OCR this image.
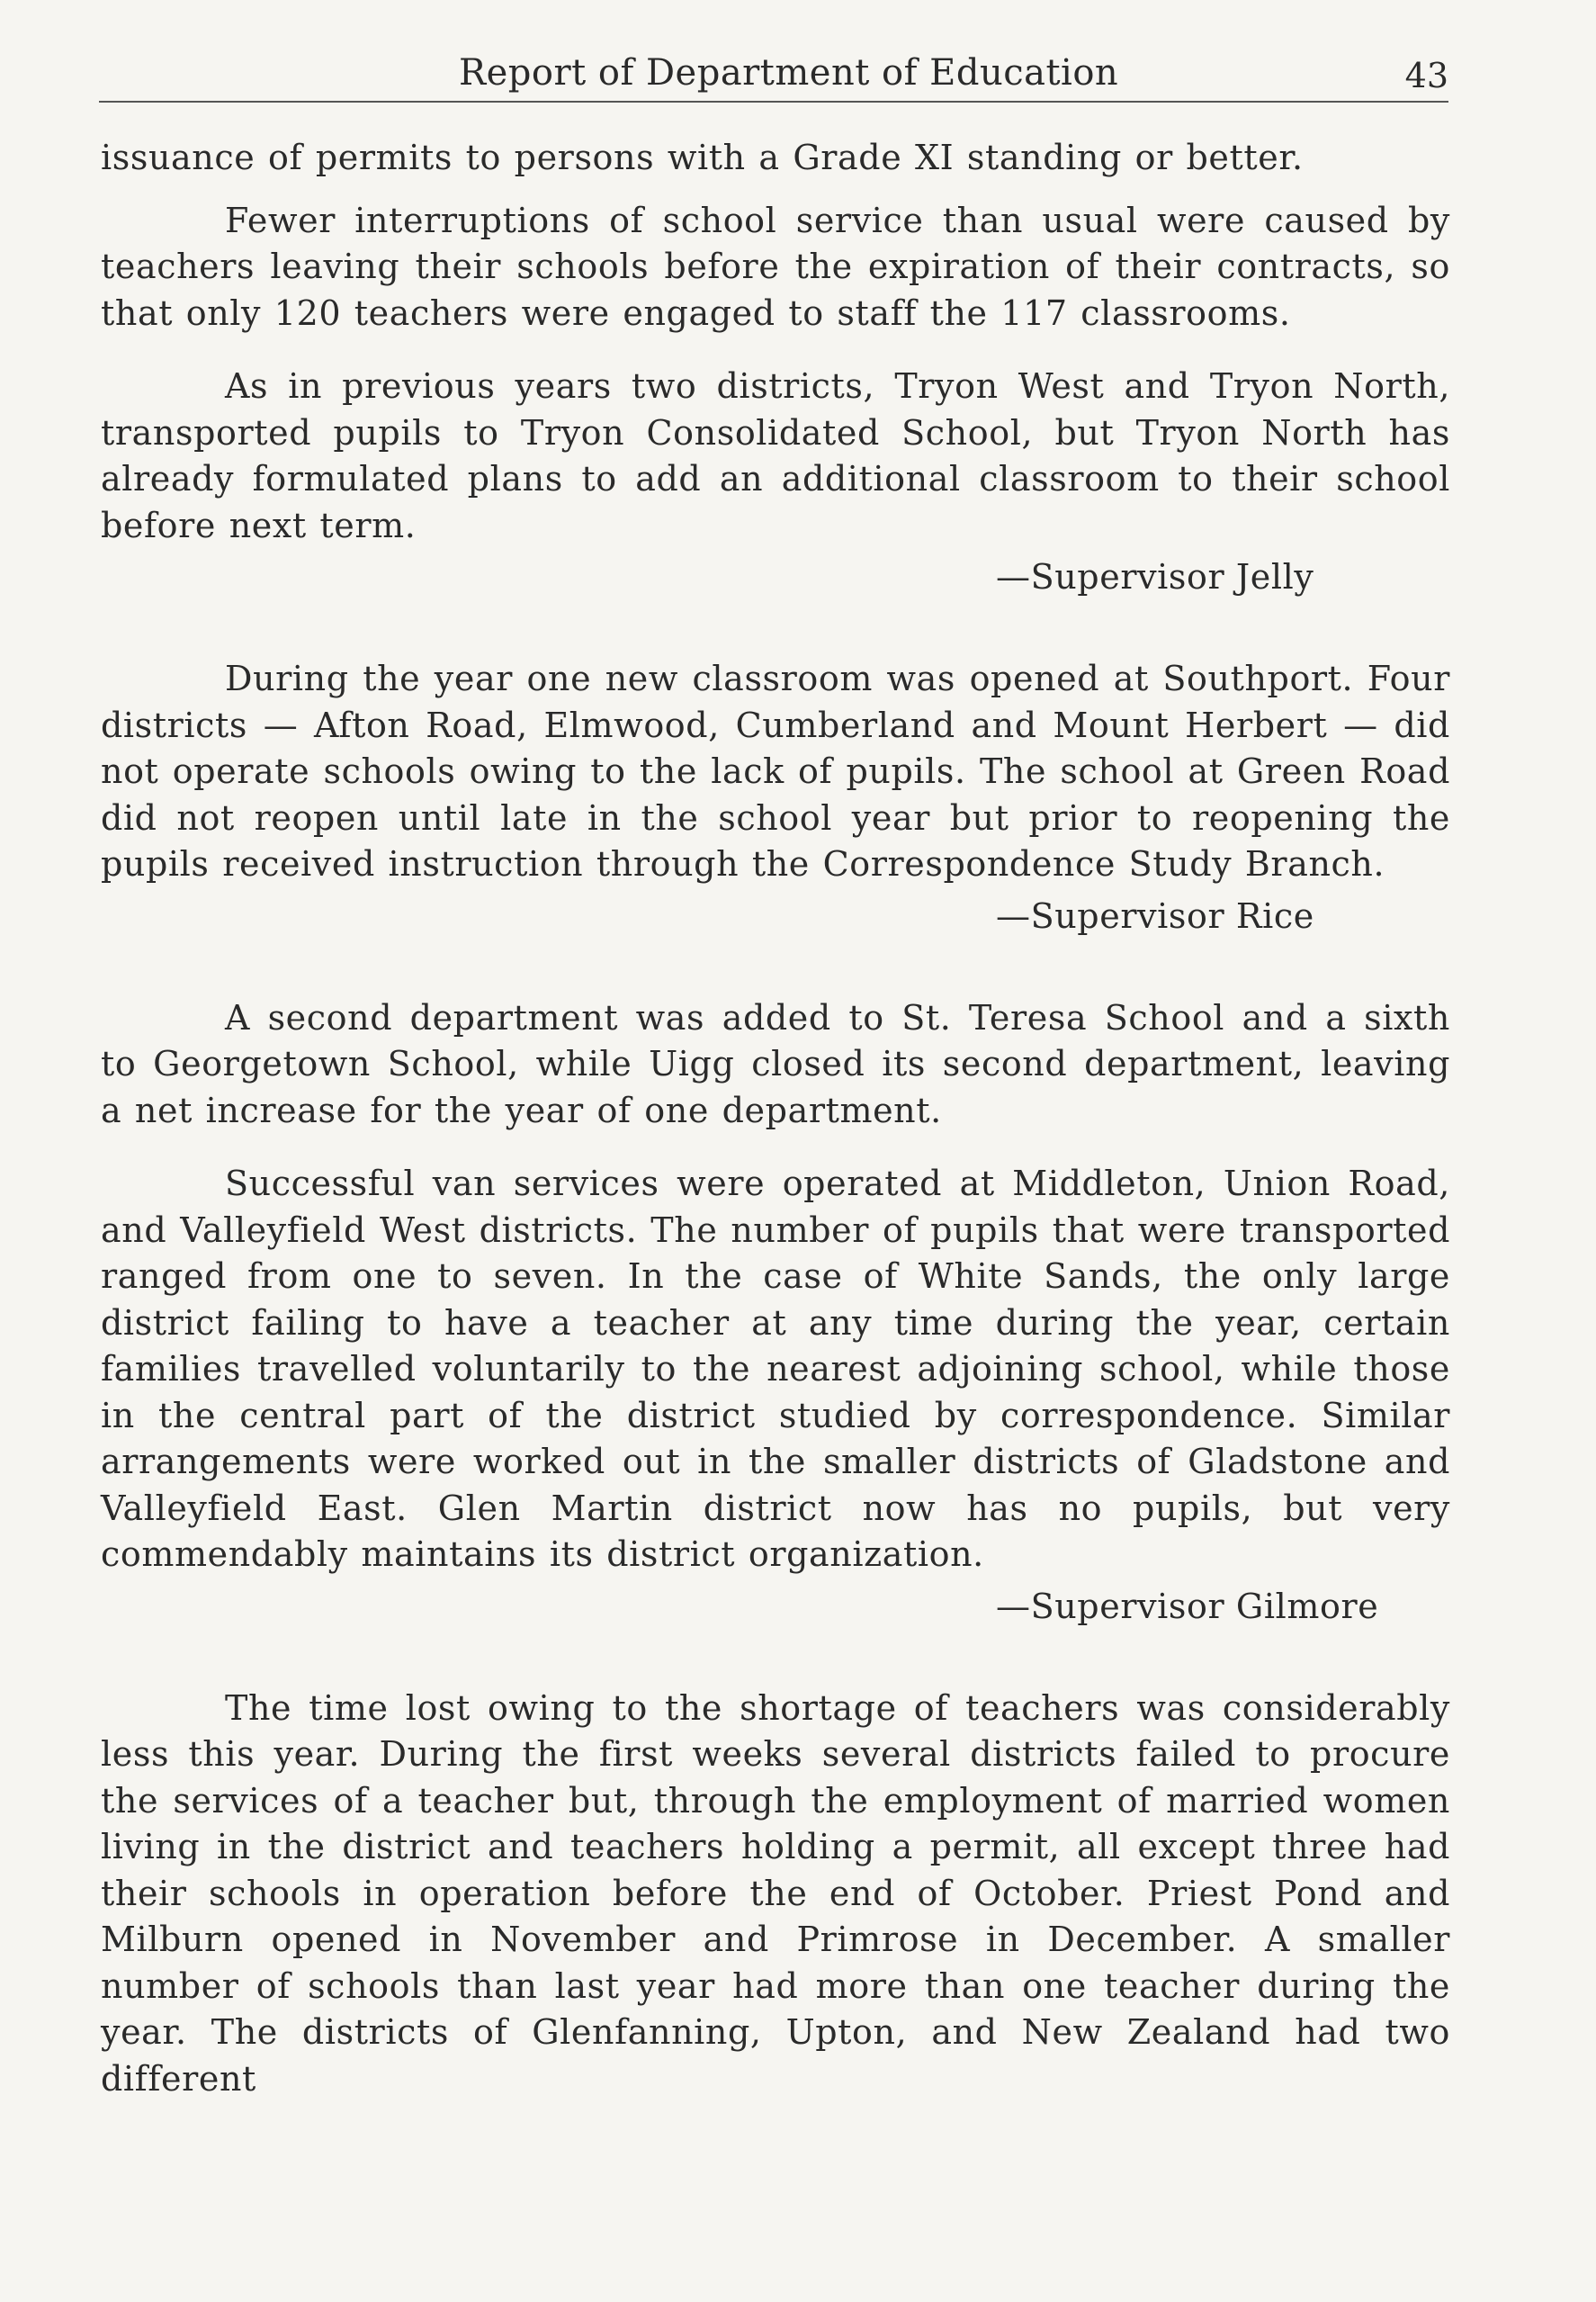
Report of Department of Education	43

issuance of permits to persons with a Grade XI standing or better.

Fewer interruptions of school service than usual were caused by teachers leaving their schools before the expiration of their contracts, so that only 120 teachers were engaged to staff the 117 classrooms.

As in previous years two districts, Tryon West and Tryon North, transported pupils to Tryon Consolidated School, but Tryon North has already formulated plans to add an additional classroom to their school before next term.

—Supervisor Jelly

During the year one new classroom was opened at Southport. Four districts — Afton Road, Elmwood, Cumberland and Mount Herbert — did not operate schools owing to the lack of pupils. The school at Green Road did not reopen until late in the school year but prior to reopening the pupils received instruction through the Correspondence Study Branch.

—Supervisor Rice

A second department was added to St. Teresa School and a sixth to Georgetown School, while Uigg closed its second department, leaving a net increase for the year of one department.

Successful van services were operated at Middleton, Union Road, and Valleyfield West districts. The number of pupils that were transported ranged from one to seven. In the case of White Sands, the only large district failing to have a teacher at any time during the year, certain families travelled voluntarily to the nearest adjoining school, while those in the central part of the district studied by correspondence. Similar arrangements were worked out in the smaller districts of Gladstone and Valleyfield East. Glen Martin district now has no pupils, but very commendably maintains its district organization.

—Supervisor Gilmore

The time lost owing to the shortage of teachers was considerably less this year. During the first weeks several districts failed to procure the services of a teacher but, through the employment of married women living in the district and teachers holding a permit, all except three had their schools in operation before the end of October. Priest Pond and Milburn opened in November and Primrose in December. A smaller number of schools than last year had more than one teacher during the year. The districts of Glenfanning, Upton, and New Zealand had two different
